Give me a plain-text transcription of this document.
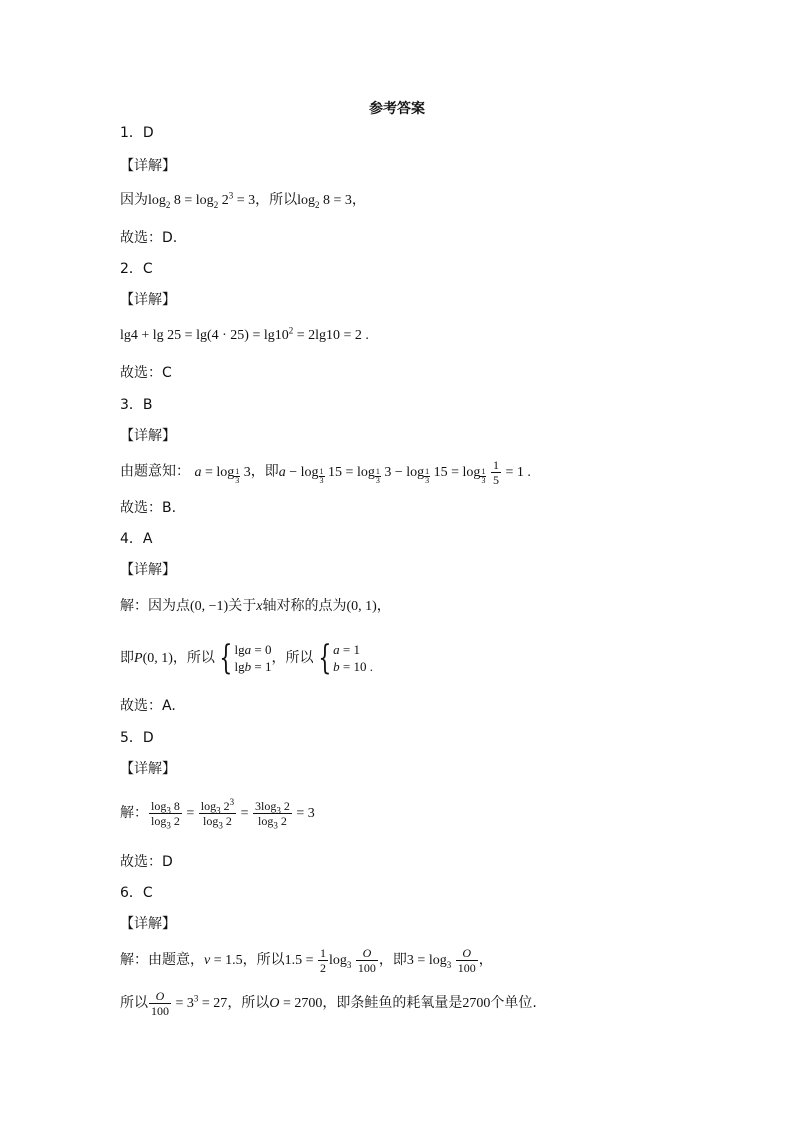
参考答案
1．D
【详解】
因为$\log_2 8 = \log_2 2^3 = 3$，所以$\log_2 8 = 3$，
故选：D.
2．C
【详解】
$\lg 4 + \lg 25 = \lg(4 \cdot 25) = \lg 10^2 = 2\lg 10 = 2$ .
故选：C
3．B
【详解】
由题意知： $a = \log \frac{1}{3} 3$，即$a - \log \frac{1}{3} 15 = \log \frac{1}{3} 3 - \log \frac{1}{3} 15 = \log \frac{1}{3}$
$\frac{1}{5} = 1$ .
故选：B.
4．A
【详解】
解：因为点(0, −1)关于x轴对称的点为(0, 1)，
即P(0, 1)，所以 { lga = 0
lgb = 1，所以 { a = 1
b = 10 .
故选：A.
5．D
【详解】
解： $\frac{\log_3 8}{\log_3 2} = \frac{\log_3 2^3}{\log_3 2} = \frac{3\log_3 2}{\log_3 2} = 3$
故选：D
6．C
【详解】
解：由题意，v = 1.5，所以$1.5 = \frac{1}{2} \log_3 \frac{O}{100}$ ，即$3 = \log_3 \frac{O}{100}$ ，
所以 $\frac{O}{100} = 3^3 = 27$，所以O = 2700，即条鲑鱼的耗氧量是2700个单位.
